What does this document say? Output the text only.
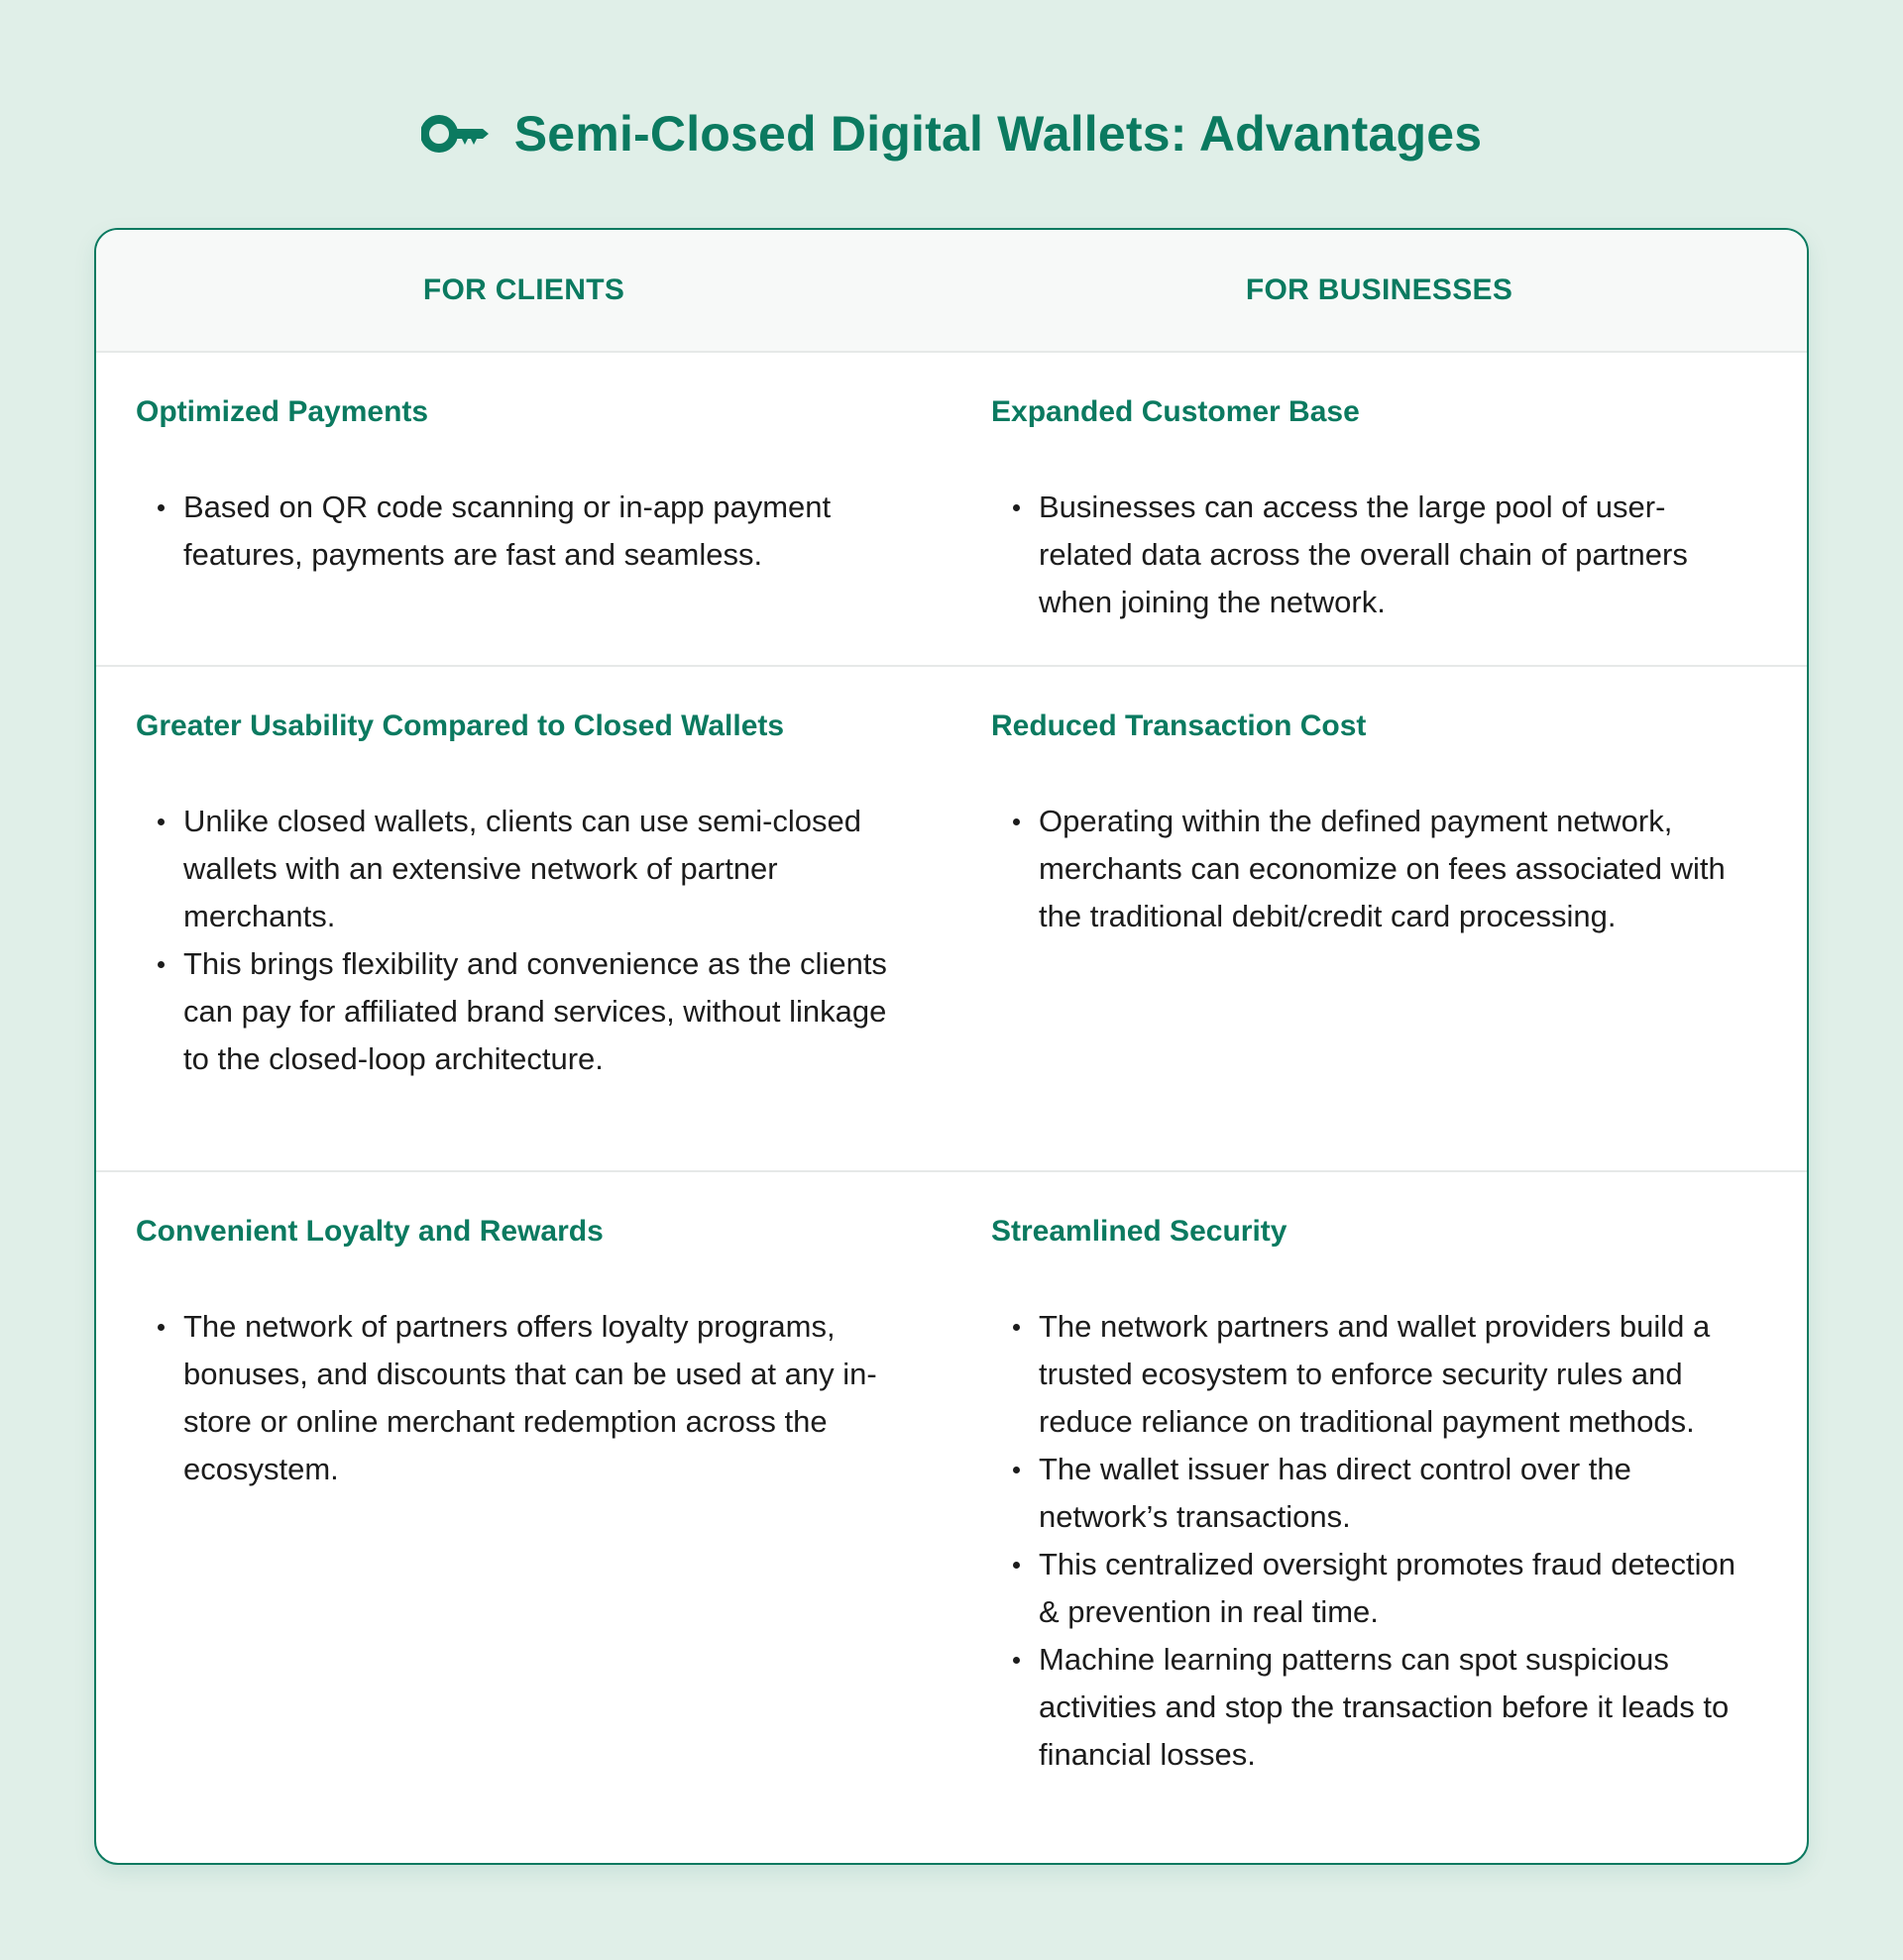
Semi-Closed Digital Wallets: Advantages
FOR CLIENTS	FOR BUSINESSES
Optimized Payments
Based on QR code scanning or in-app payment features, payments are fast and seamless.
Expanded Customer Base
Businesses can access the large pool of user-related data across the overall chain of partners when joining the network.
Greater Usability Compared to Closed Wallets
Unlike closed wallets, clients can use semi-closed wallets with an extensive network of partner merchants.
This brings flexibility and convenience as the clients can pay for affiliated brand services, without linkage to the closed-loop architecture.
Reduced Transaction Cost
Operating within the defined payment network, merchants can economize on fees associated with the traditional debit/credit card processing.
Convenient Loyalty and Rewards
The network of partners offers loyalty programs, bonuses, and discounts that can be used at any in-store or online merchant redemption across the ecosystem.
Streamlined Security
The network partners and wallet providers build a trusted ecosystem to enforce security rules and reduce reliance on traditional payment methods.
The wallet issuer has direct control over the network’s transactions.
This centralized oversight promotes fraud detection & prevention in real time.
Machine learning patterns can spot suspicious activities and stop the transaction before it leads to financial losses.
